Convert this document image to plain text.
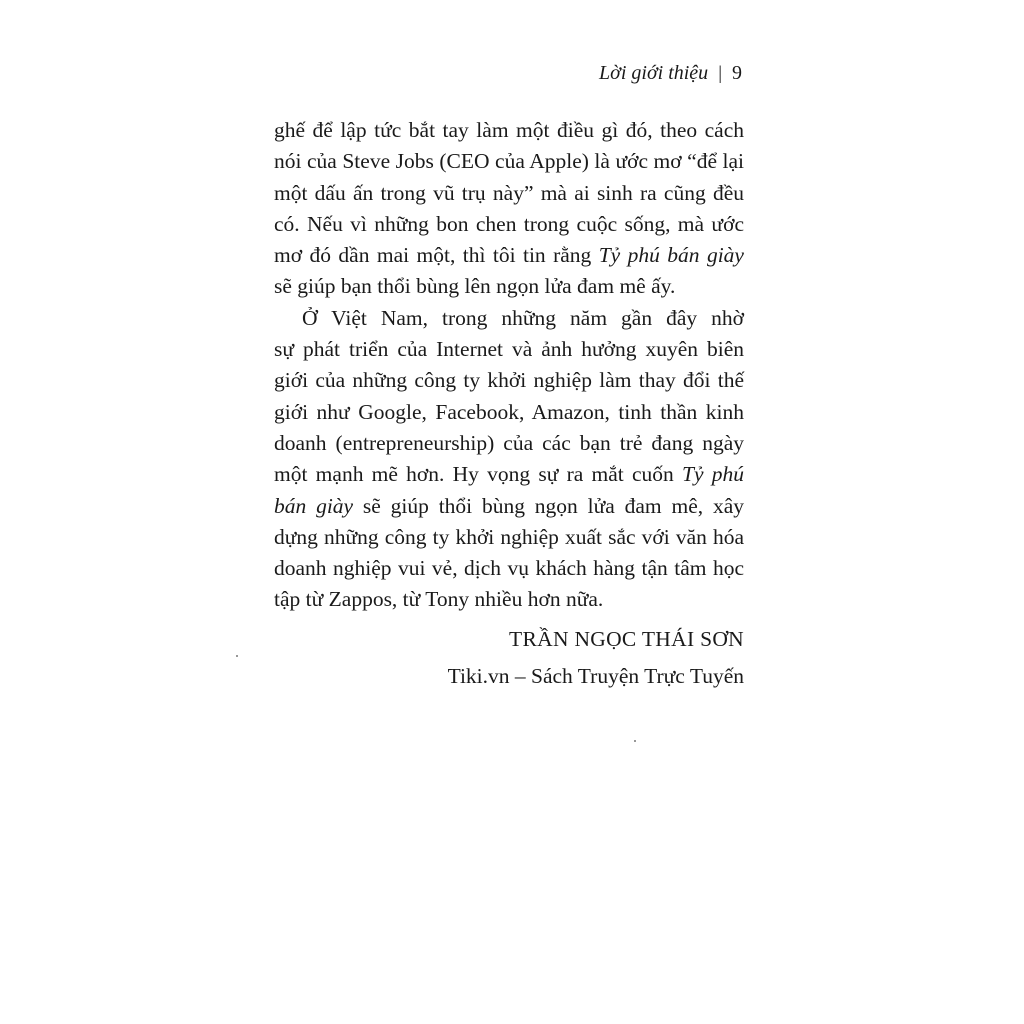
Lời giới thiệu | 9
ghế để lập tức bắt tay làm một điều gì đó, theo cách
nói của Steve Jobs (CEO của Apple) là ước mơ “để lại
một dấu ấn trong vũ trụ này” mà ai sinh ra cũng đều
có. Nếu vì những bon chen trong cuộc sống, mà ước
mơ đó dần mai một, thì tôi tin rằng Tỷ phú bán giày
sẽ giúp bạn thổi bùng lên ngọn lửa đam mê ấy.
Ở Việt Nam, trong những năm gần đây nhờ
sự phát triển của Internet và ảnh hưởng xuyên biên
giới của những công ty khởi nghiệp làm thay đổi thế
giới như Google, Facebook, Amazon, tinh thần kinh
doanh (entrepreneurship) của các bạn trẻ đang ngày
một mạnh mẽ hơn. Hy vọng sự ra mắt cuốn Tỷ phú
bán giày sẽ giúp thổi bùng ngọn lửa đam mê, xây
dựng những công ty khởi nghiệp xuất sắc với văn hóa
doanh nghiệp vui vẻ, dịch vụ khách hàng tận tâm học
tập từ Zappos, từ Tony nhiều hơn nữa.
TRẦN NGỌC THÁI SƠN
Tiki.vn – Sách Truyện Trực Tuyến
